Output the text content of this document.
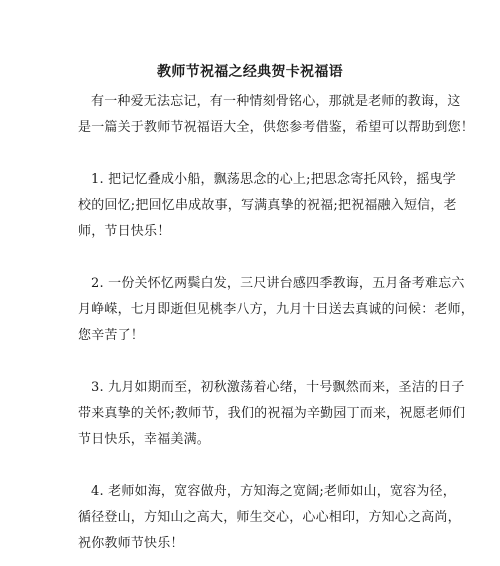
教师节祝福之经典贺卡祝福语
有一种爱无法忘记，有一种情刻骨铭心，那就是老师的教诲，这
是一篇关于教师节祝福语大全，供您参考借鉴，希望可以帮助到您！
1. 把记忆叠成小船，飘荡思念的心上;把思念寄托风铃，摇曳学
校的回忆;把回忆串成故事，写满真挚的祝福;把祝福融入短信，老
师，节日快乐！
2. 一份关怀忆两鬓白发，三尺讲台感四季教诲，五月备考难忘六
月峥嵘，七月即逝但见桃李八方，九月十日送去真诚的问候：老师，
您辛苦了！
3. 九月如期而至，初秋激荡着心绪，十号飘然而来，圣洁的日子
带来真挚的关怀;教师节，我们的祝福为辛勤园丁而来，祝愿老师们
节日快乐，幸福美满。
4. 老师如海，宽容做舟，方知海之宽阔;老师如山，宽容为径，
循径登山，方知山之高大，师生交心，心心相印，方知心之高尚，
祝你教师节快乐！
